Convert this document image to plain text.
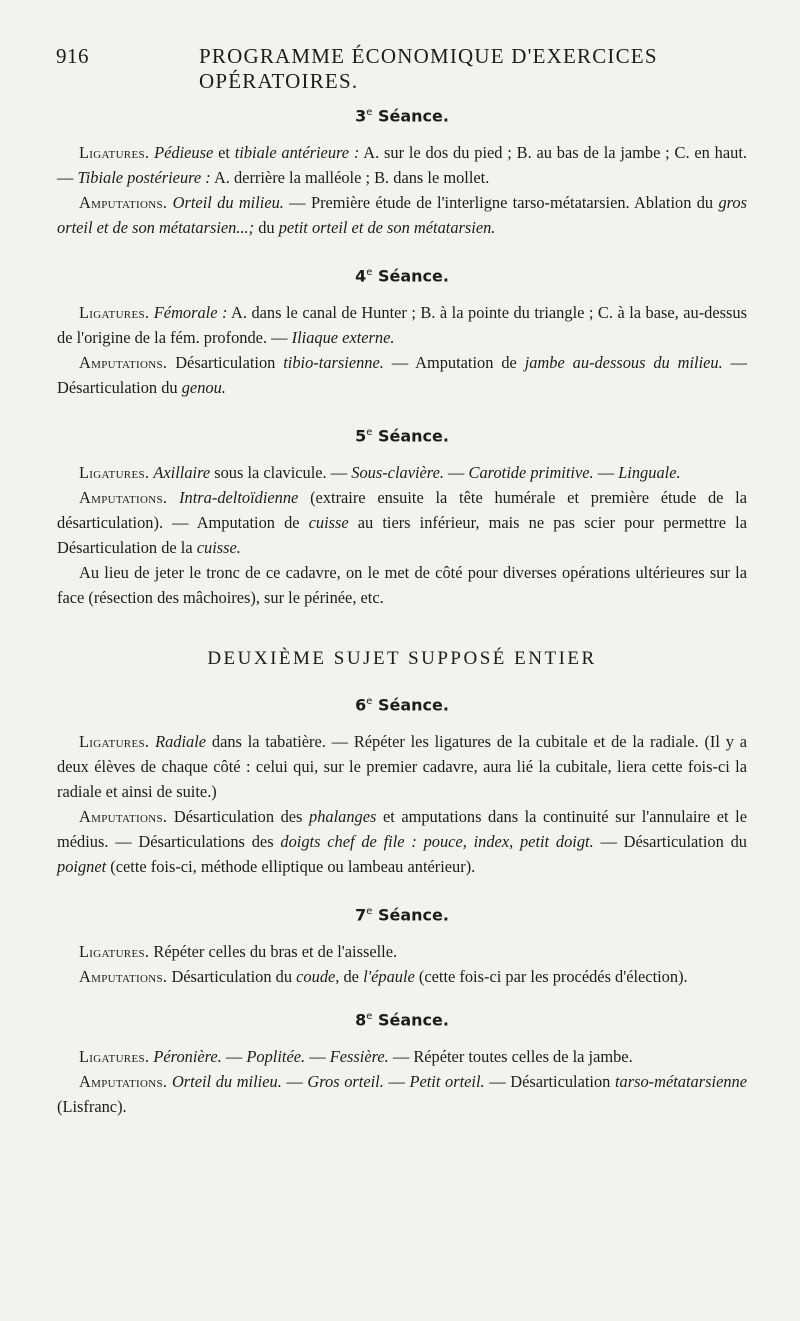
916	PROGRAMME ÉCONOMIQUE D'EXERCICES OPÉRATOIRES.
3e Séance.

Ligatures. Pédieuse et tibiale antérieure : A. sur le dos du pied ; B. au bas de la jambe ; C. en haut. — Tibiale postérieure : A. derrière la malléole ; B. dans le mollet.

Amputations. Orteil du milieu. — Première étude de l'interligne tarso-métatarsien. Ablation du gros orteil et de son métatarsien...; du petit orteil et de son métatarsien.

4e Séance.

Ligatures. Fémorale : A. dans le canal de Hunter ; B. à la pointe du triangle ; C. à la base, au-dessus de l'origine de la fém. profonde. — Iliaque externe.

Amputations. Désarticulation tibio-tarsienne. — Amputation de jambe au-dessous du milieu. — Désarticulation du genou.

5e Séance.

Ligatures. Axillaire sous la clavicule. — Sous-clavière. — Carotide primitive. — Linguale.

Amputations. Intra-deltoïdienne (extraire ensuite la tête humérale et première étude de la désarticulation). — Amputation de cuisse au tiers inférieur, mais ne pas scier pour permettre la Désarticulation de la cuisse.

Au lieu de jeter le tronc de ce cadavre, on le met de côté pour diverses opérations ultérieures sur la face (résection des mâchoires), sur le périnée, etc.

DEUXIÈME SUJET SUPPOSÉ ENTIER
6e Séance.

Ligatures. Radiale dans la tabatière. — Répéter les ligatures de la cubitale et de la radiale. (Il y a deux élèves de chaque côté : celui qui, sur le premier cadavre, aura lié la cubitale, liera cette fois-ci la radiale et ainsi de suite.)

Amputations. Désarticulation des phalanges et amputations dans la continuité sur l'annulaire et le médius. — Désarticulations des doigts chef de file : pouce, index, petit doigt. — Désarticulation du poignet (cette fois-ci, méthode elliptique ou lambeau antérieur).

7e Séance.

Ligatures. Répéter celles du bras et de l'aisselle.

Amputations. Désarticulation du coude, de l'épaule (cette fois-ci par les procédés d'élection).

8e Séance.

Ligatures. Péronière. — Poplitée. — Fessière. — Répéter toutes celles de la jambe.

Amputations. Orteil du milieu. — Gros orteil. — Petit orteil. — Désarticulation tarso-métatarsienne (Lisfranc).
